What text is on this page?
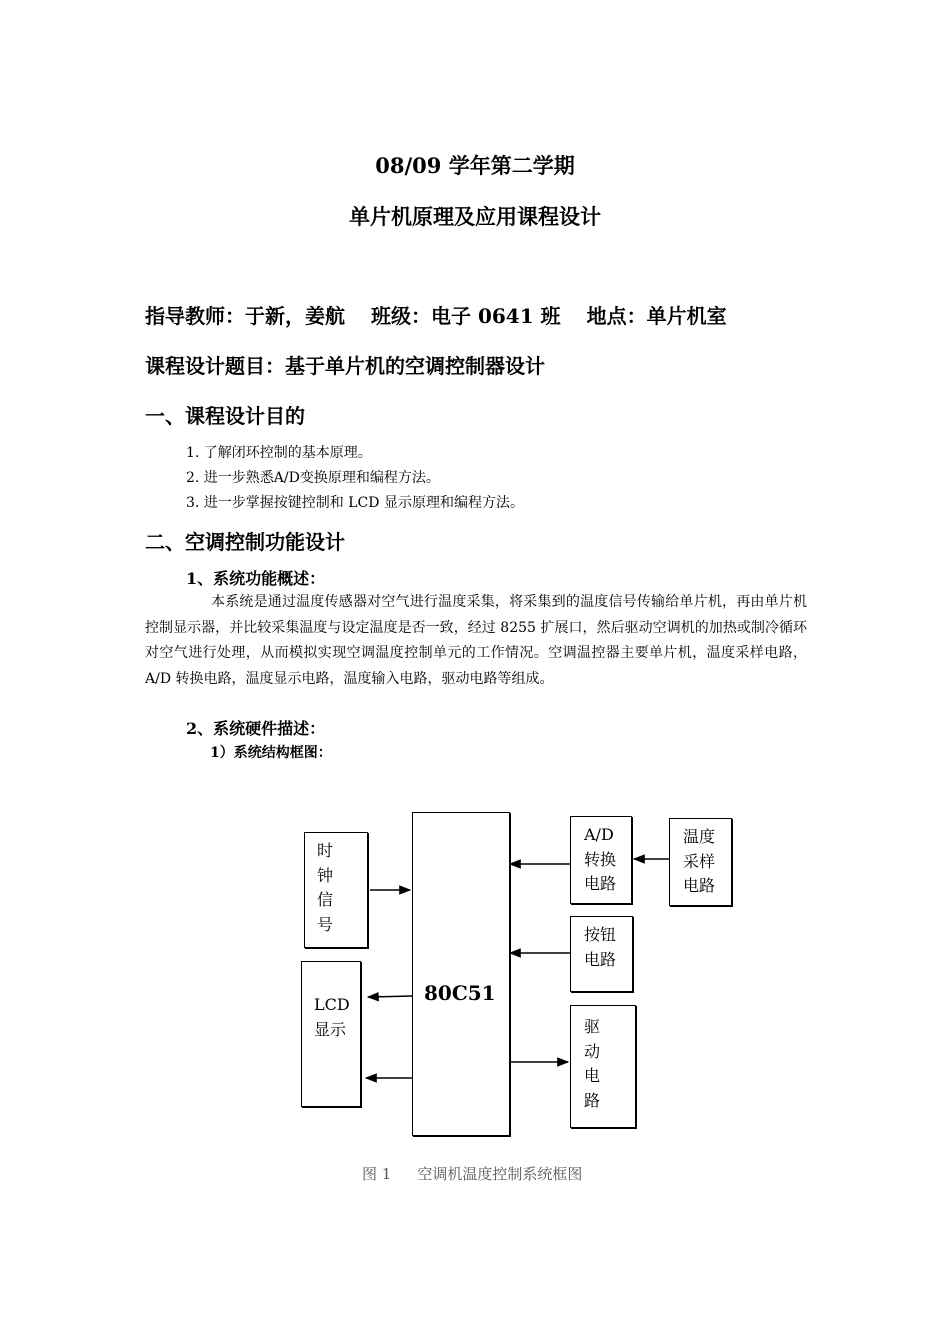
08/09 学年第二学期
单片机原理及应用课程设计
指导教师：于新，姜航 班级：电子 0641 班 地点：单片机室
课程设计题目：基于单片机的空调控制器设计
一、课程设计目的
1. 了解闭环控制的基本原理。
2. 进一步熟悉A/D变换原理和编程方法。
3. 进一步掌握按键控制和 LCD 显示原理和编程方法。
二、空调控制功能设计
1、系统功能概述：

本系统是通过温度传感器对空气进行温度采集，将采集到的温度信号传输给单片机，再由单片机控制显示器，并比较采集温度与设定温度是否一致，经过 8255 扩展口，然后驱动空调机的加热或制冷循环对空气进行处理，从而模拟实现空调温度控制单元的工作情况。空调温控器主要单片机，温度采样电路，A/D 转换电路，温度显示电路，温度输入电路，驱动电路等组成。

2、系统硬件描述：
1）系统结构框图：
时钟信号
LCD 显示
80C51
A/D 转换电路
温度采样电路
按钮电路
驱动电路
图 1 空调机温度控制系统框图
